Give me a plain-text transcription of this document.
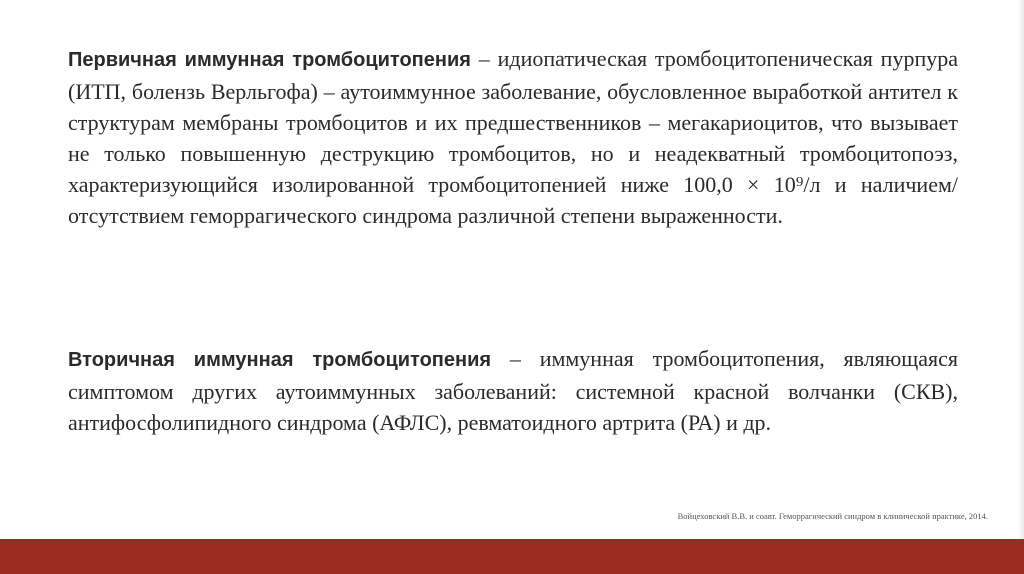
Первичная иммунная тромбоцитопения – идиопатическая тромбоцитопеническая пурпура (ИТП, болензь Верльгофа) – аутоиммунное заболевание, обусловленное выработкой антител к структурам мембраны тромбоцитов и их предшественников – мегакариоцитов, что вызывает не только повышенную деструкцию тромбоцитов, но и неадекватный тромбоцитопоэз, характеризующийся изолированной тромбоцитопенией ниже 100,0 × 10⁹/л и наличием/отсутствием геморрагического синдрома различной степени выраженности.

Вторичная иммунная тромбоцитопения – иммунная тромбоцитопения, являющаяся симптомом других аутоиммунных заболеваний: системной красной волчанки (СКВ), антифосфолипидного синдрома (АФЛС), ревматоидного артрита (РА) и др.

Войцеховский В.В. и соавт. Геморрагический синдром в клинической практике, 2014.
